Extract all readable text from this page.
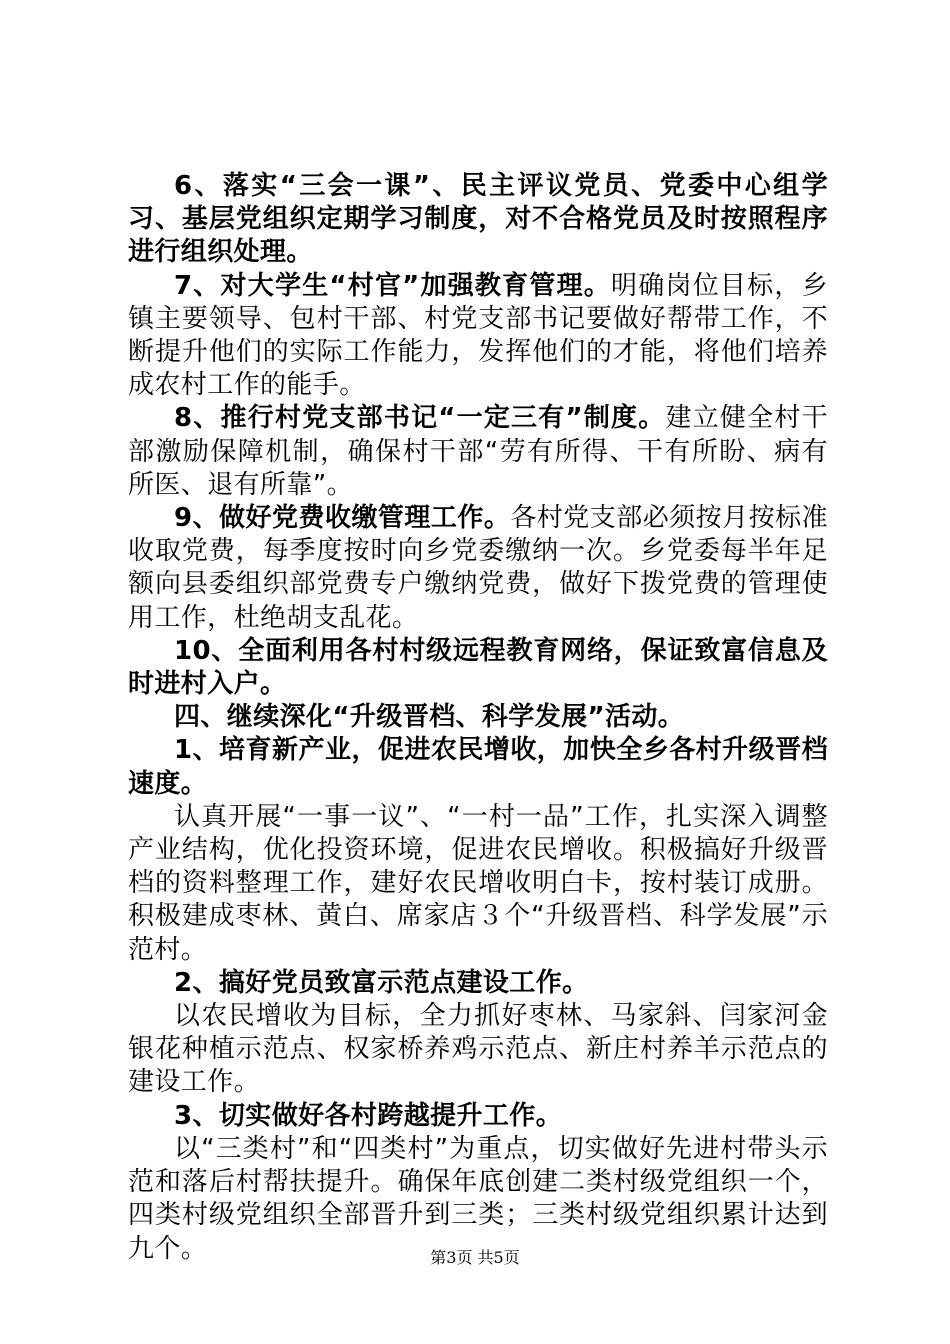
6、落实“三会一课”、民主评议党员、党委中心组学习、基层党组织定期学习制度，对不合格党员及时按照程序进行组织处理。

7、对大学生“村官”加强教育管理。明确岗位目标，乡镇主要领导、包村干部、村党支部书记要做好帮带工作，不断提升他们的实际工作能力，发挥他们的才能，将他们培养成农村工作的能手。

8、推行村党支部书记“一定三有”制度。建立健全村干部激励保障机制，确保村干部“劳有所得、干有所盼、病有所医、退有所靠”。

9、做好党费收缴管理工作。各村党支部必须按月按标准收取党费，每季度按时向乡党委缴纳一次。乡党委每半年足额向县委组织部党费专户缴纳党费，做好下拨党费的管理使用工作，杜绝胡支乱花。

10、全面利用各村村级远程教育网络，保证致富信息及时进村入户。

四、继续深化“升级晋档、科学发展”活动。

1、培育新产业，促进农民增收，加快全乡各村升级晋档速度。

认真开展“一事一议”、“一村一品”工作，扎实深入调整产业结构，优化投资环境，促进农民增收。积极搞好升级晋档的资料整理工作，建好农民增收明白卡，按村装订成册。积极建成枣林、黄白、席家店３个“升级晋档、科学发展”示范村。

2、搞好党员致富示范点建设工作。

以农民增收为目标，全力抓好枣林、马家斜、闫家河金银花种植示范点、权家桥养鸡示范点、新庄村养羊示范点的建设工作。

3、切实做好各村跨越提升工作。

以“三类村”和“四类村”为重点，切实做好先进村带头示范和落后村帮扶提升。确保年底创建二类村级党组织一个，四类村级党组织全部晋升到三类；三类村级党组织累计达到九个。	第3页 共5页
